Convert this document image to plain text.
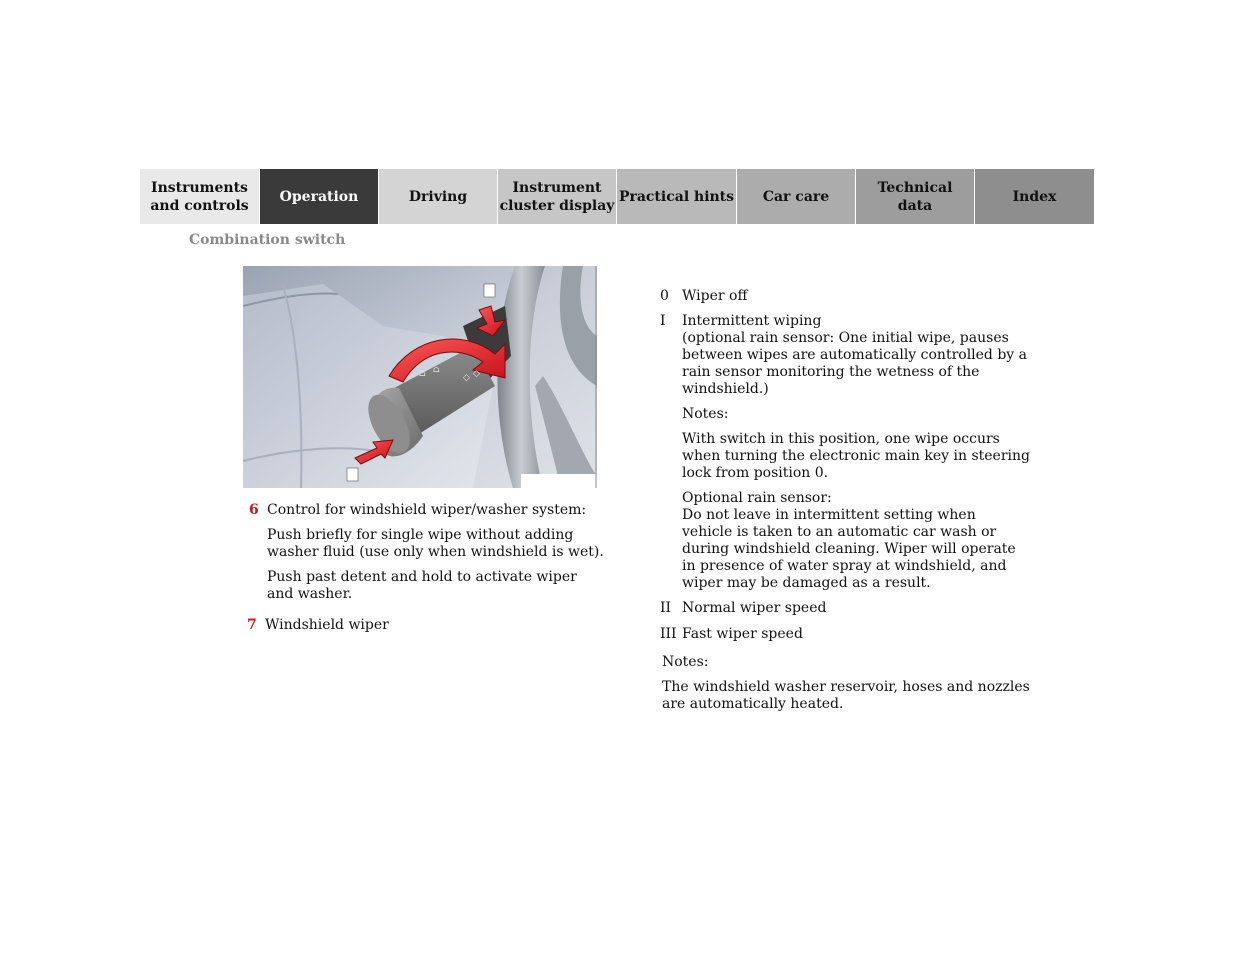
Instruments
and controls
Operation	Driving
Instrument
cluster display
Practical hints	Car care
Technical
data
Index
Combination switch
⌂ ⌂
◇ ◇
6 Control for windshield wiper/washer system:

Push briefly for single wipe without adding washer fluid (use only when windshield is wet).

Push past detent and hold to activate wiper and washer.

7 Windshield wiper

0 Wiper off

I Intermittent wiping

(optional rain sensor: One initial wipe, pauses between wipes are automatically controlled by a rain sensor monitoring the wetness of the windshield.)

Notes:

With switch in this position, one wipe occurs when turning the electronic main key in steering lock from position 0.

Optional rain sensor:

Do not leave in intermittent setting when vehicle is taken to an automatic car wash or during windshield cleaning. Wiper will operate in presence of water spray at windshield, and wiper may be damaged as a result.

II Normal wiper speed

III Fast wiper speed

Notes:

The windshield washer reservoir, hoses and nozzles are automatically heated.
